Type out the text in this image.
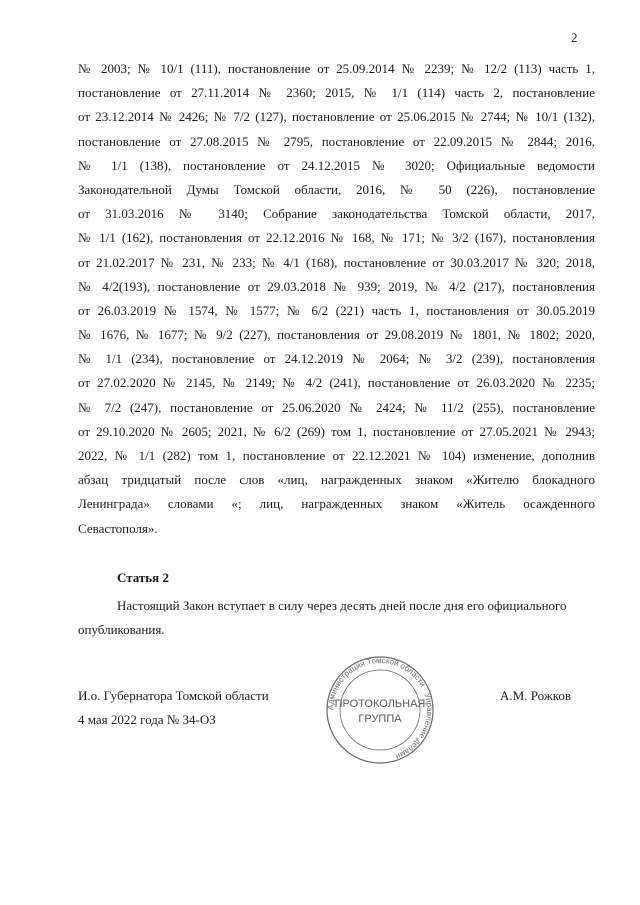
2
№ 2003; № 10/1 (111), постановление от 25.09.2014 № 2239; № 12/2 (113) часть 1,
постановление от 27.11.2014 № 2360; 2015, № 1/1 (114) часть 2, постановление
от 23.12.2014 № 2426; № 7/2 (127), постановление от 25.06.2015 № 2744; № 10/1 (132),
постановление от 27.08.2015 № 2795, постановление от 22.09.2015 № 2844; 2016,
№ 1/1 (138), постановление от 24.12.2015 № 3020; Официальные ведомости
Законодательной Думы Томской области, 2016, № 50 (226), постановление
от 31.03.2016 № 3140; Собрание законодательства Томской области, 2017,
№ 1/1 (162), постановления от 22.12.2016 № 168, № 171; № 3/2 (167), постановления
от 21.02.2017 № 231, № 233; № 4/1 (168), постановление от 30.03.2017 № 320; 2018,
№ 4/2(193), постановление от 29.03.2018 № 939; 2019, № 4/2 (217), постановления
от 26.03.2019 № 1574, № 1577; № 6/2 (221) часть 1, постановления от 30.05.2019
№ 1676, № 1677; № 9/2 (227), постановления от 29.08.2019 № 1801, № 1802; 2020,
№ 1/1 (234), постановление от 24.12.2019 № 2064; № 3/2 (239), постановления
от 27.02.2020 № 2145, № 2149; № 4/2 (241), постановление от 26.03.2020 № 2235;
№ 7/2 (247), постановление от 25.06.2020 № 2424; № 11/2 (255), постановление
от 29.10.2020 № 2605; 2021, № 6/2 (269) том 1, постановление от 27.05.2021 № 2943;
2022, № 1/1 (282) том 1, постановление от 22.12.2021 № 104) изменение, дополнив
абзац тридцатый после слов «лиц, награжденных знаком «Жителю блокадного
Ленинграда» словами «; лиц, награжденных знаком «Житель осажденного
Севастополя».
Статья 2
Настоящий Закон вступает в силу через десять дней после дня его официального опубликования.
И.о. Губернатора Томской области
4 мая 2022 года № 34-ОЗ
А.М. Рожков
Администрация Томской области · Управление делами
ПРОТОКОЛЬНАЯ
ГРУППА
